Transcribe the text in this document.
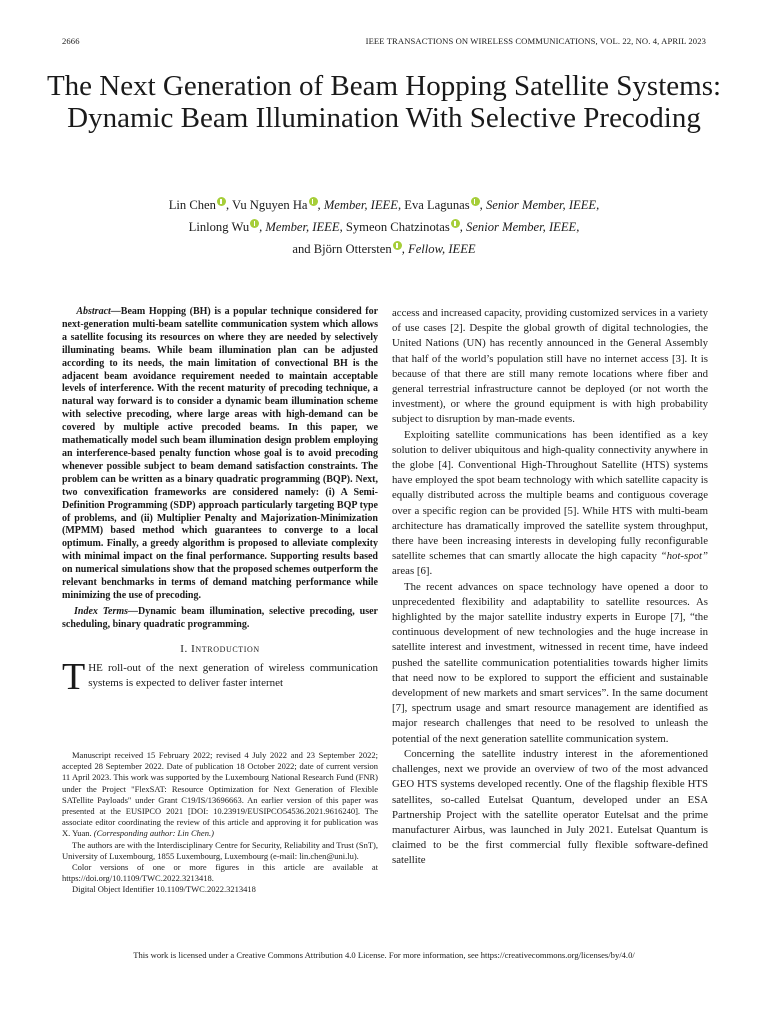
2666	IEEE TRANSACTIONS ON WIRELESS COMMUNICATIONS, VOL. 22, NO. 4, APRIL 2023
The Next Generation of Beam Hopping Satellite Systems: Dynamic Beam Illumination With Selective Precoding
Lin Chen , Vu Nguyen Ha , Member, IEEE, Eva Lagunas , Senior Member, IEEE,
Linlong Wu , Member, IEEE, Symeon Chatzinotas , Senior Member, IEEE,
and Björn Ottersten , Fellow, IEEE

Abstract—Beam Hopping (BH) is a popular technique considered for next-generation multi-beam satellite communication system which allows a satellite focusing its resources on where they are needed by selectively illuminating beams. While beam illumination plan can be adjusted according to its needs, the main limitation of convectional BH is the adjacent beam avoidance requirement needed to maintain acceptable levels of interference. With the recent maturity of precoding technique, a natural way forward is to consider a dynamic beam illumination scheme with selective precoding, where large areas with high-demand can be covered by multiple active precoded beams. In this paper, we mathematically model such beam illumination design problem employing an interference-based penalty function whose goal is to avoid precoding whenever possible subject to beam demand satisfaction constraints. The problem can be written as a binary quadratic programming (BQP). Next, two convexification frameworks are considered namely: (i) A Semi-Definition Programming (SDP) approach particularly targeting BQP type of problems, and (ii) Multiplier Penalty and Majorization-Minimization (MPMM) based method which guarantees to converge to a local optimum. Finally, a greedy algorithm is proposed to alleviate complexity with minimal impact on the final performance. Supporting results based on numerical simulations show that the proposed schemes outperform the relevant benchmarks in terms of demand matching performance while minimizing the use of precoding.

Index Terms—Dynamic beam illumination, selective precoding, user scheduling, binary quadratic programming.

I. Introduction

THE roll-out of the next generation of wireless communication systems is expected to deliver faster internet

Manuscript received 15 February 2022; revised 4 July 2022 and 23 September 2022; accepted 28 September 2022. Date of publication 18 October 2022; date of current version 11 April 2023. This work was supported by the Luxembourg National Research Fund (FNR) under the Project "FlexSAT: Resource Optimization for Next Generation of Flexible SATellite Payloads" under Grant C19/IS/13696663. An earlier version of this paper was presented at the EUSIPCO 2021 [DOI: 10.23919/EUSIPCO54536.2021.9616240]. The associate editor coordinating the review of this article and approving it for publication was X. Yuan. (Corresponding author: Lin Chen.)

The authors are with the Interdisciplinary Centre for Security, Reliability and Trust (SnT), University of Luxembourg, 1855 Luxembourg, Luxembourg (e-mail: lin.chen@uni.lu).

Color versions of one or more figures in this article are available at https://doi.org/10.1109/TWC.2022.3213418.

Digital Object Identifier 10.1109/TWC.2022.3213418

access and increased capacity, providing customized services in a variety of use cases [2]. Despite the global growth of digital technologies, the United Nations (UN) has recently announced in the General Assembly that half of the world’s population still have no internet access [3]. It is because of that there are still many remote locations where fiber and general terrestrial infrastructure cannot be deployed (or not worth the investment), or where the ground equipment is with high probability subject to disruption by man-made events.

Exploiting satellite communications has been identified as a key solution to deliver ubiquitous and high-quality connectivity anywhere in the globe [4]. Conventional High-Throughout Satellite (HTS) systems have employed the spot beam technology with which satellite capacity is equally distributed across the multiple beams and contiguous coverage over a specific region can be provided [5]. While HTS with multi-beam architecture has dramatically improved the satellite system throughput, there have been increasing interests in developing fully reconfigurable satellite schemes that can smartly allocate the high capacity “hot-spot” areas [6].

The recent advances on space technology have opened a door to unprecedented flexibility and adaptability to satellite resources. As highlighted by the major satellite industry experts in Europe [7], “the continuous development of new technologies and the huge increase in satellite interest and investment, witnessed in recent time, have indeed pushed the satellite communication potentialities towards higher limits that need now to be explored to support the efficient and sustainable development of new markets and smart services”. In the same document [7], spectrum usage and smart resource management are identified as major research challenges that need to be resolved to unleash the potential of the next generation satellite communication system.

Concerning the satellite industry interest in the aforementioned challenges, next we provide an overview of two of the most advanced GEO HTS systems developed recently. One of the flagship flexible HTS satellites, so-called Eutelsat Quantum, developed under an ESA Partnership Project with the satellite operator Eutelsat and the prime manufacturer Airbus, was launched in July 2021. Eutelsat Quantum is claimed to be the first commercial fully flexible software-defined satellite

This work is licensed under a Creative Commons Attribution 4.0 License. For more information, see https://creativecommons.org/licenses/by/4.0/
